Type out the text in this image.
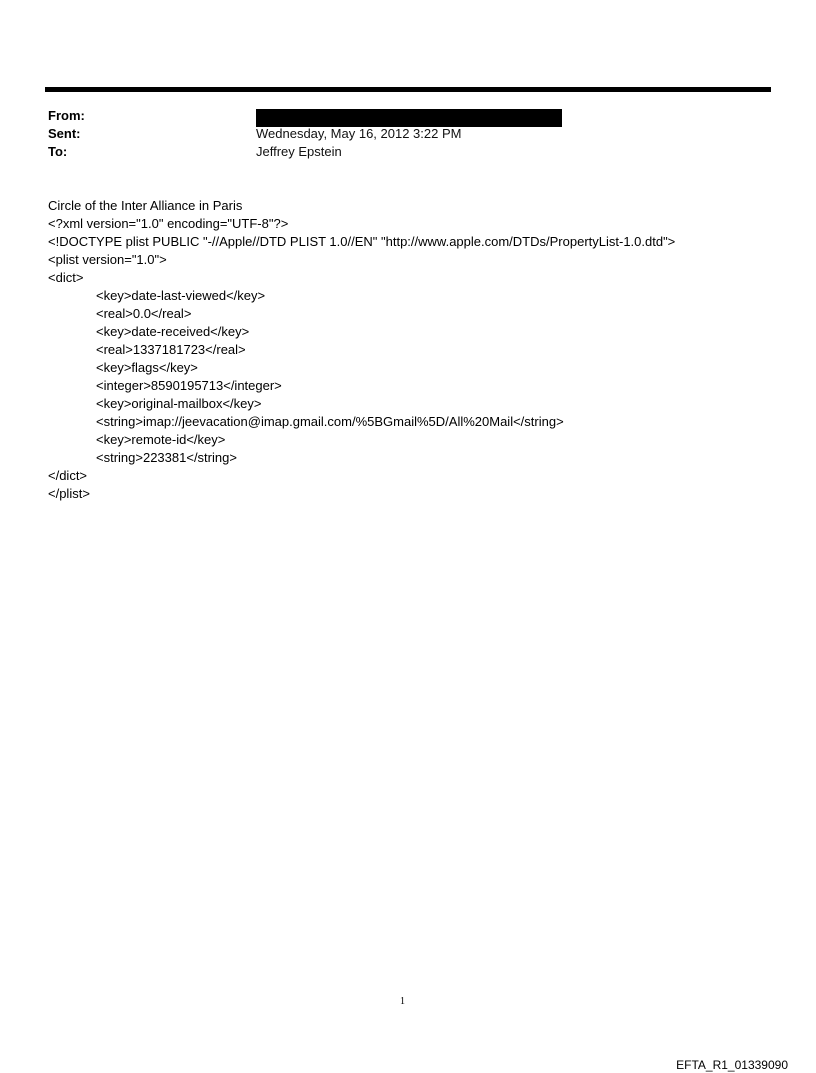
From:
Sent:	Wednesday, May 16, 2012 3:22 PM
To:	Jeffrey Epstein
Circle of the Inter Alliance in Paris
<?xml version="1.0" encoding="UTF-8"?>
<!DOCTYPE plist PUBLIC "-//Apple//DTD PLIST 1.0//EN" "http://www.apple.com/DTDs/PropertyList-1.0.dtd">
<plist version="1.0">
<dict>
<key>date-last-viewed</key>
<real>0.0</real>
<key>date-received</key>
<real>1337181723</real>
<key>flags</key>
<integer>8590195713</integer>
<key>original-mailbox</key>
<string>imap://jeevacation@imap.gmail.com/%5BGmail%5D/All%20Mail</string>
<key>remote-id</key>
<string>223381</string>
</dict>
</plist>
1
EFTA_R1_01339090
